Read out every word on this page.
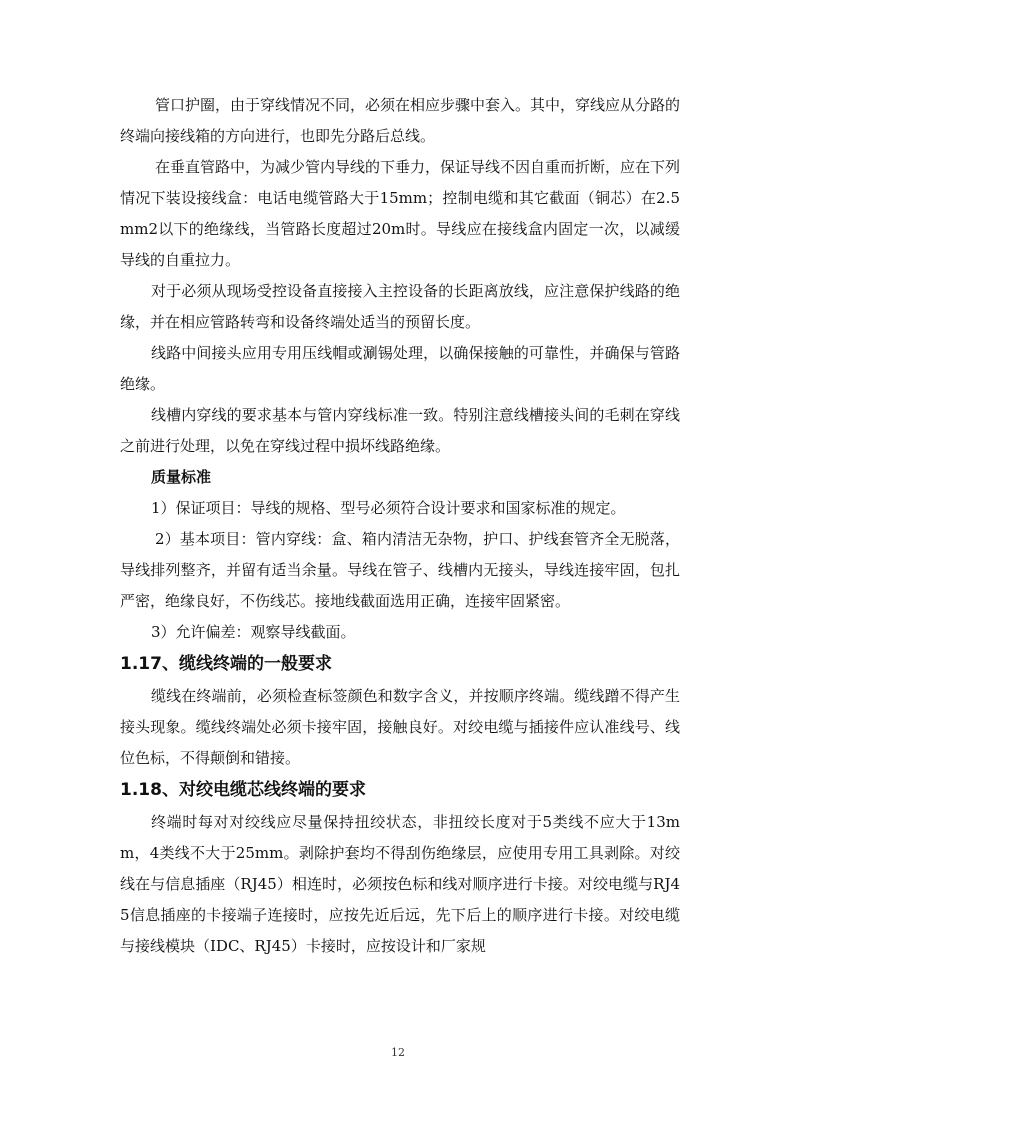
管口护圈，由于穿线情况不同，必须在相应步骤中套入。其中，穿线应从分路的终端向接线箱的方向进行，也即先分路后总线。

在垂直管路中，为减少管内导线的下垂力，保证导线不因自重而折断，应在下列情况下装设接线盒：电话电缆管路大于15mm；控制电缆和其它截面（铜芯）在2.5mm2以下的绝缘线，当管路长度超过20m时。导线应在接线盒内固定一次，以减缓导线的自重拉力。

对于必须从现场受控设备直接接入主控设备的长距离放线，应注意保护线路的绝缘，并在相应管路转弯和设备终端处适当的预留长度。

线路中间接头应用专用压线帽或涮锡处理，以确保接触的可靠性，并确保与管路绝缘。

线槽内穿线的要求基本与管内穿线标准一致。特别注意线槽接头间的毛刺在穿线之前进行处理，以免在穿线过程中损坏线路绝缘。

质量标准

1）保证项目：导线的规格、型号必须符合设计要求和国家标准的规定。

2）基本项目：管内穿线：盒、箱内清洁无杂物，护口、护线套管齐全无脱落，导线排列整齐，并留有适当余量。导线在管子、线槽内无接头，导线连接牢固，包扎严密，绝缘良好，不伤线芯。接地线截面选用正确，连接牢固紧密。

3）允许偏差：观察导线截面。

1.17、缆线终端的一般要求

缆线在终端前，必须检查标签颜色和数字含义，并按顺序终端。缆线蹭不得产生接头现象。缆线终端处必须卡接牢固，接触良好。对绞电缆与插接件应认准线号、线位色标，不得颠倒和错接。

1.18、对绞电缆芯线终端的要求

终端时每对对绞线应尽量保持扭绞状态，非扭绞长度对于5类线不应大于13mm，4类线不大于25mm。剥除护套均不得刮伤绝缘层，应使用专用工具剥除。对绞线在与信息插座（RJ45）相连时，必须按色标和线对顺序进行卡接。对绞电缆与RJ45信息插座的卡接端子连接时，应按先近后远，先下后上的顺序进行卡接。对绞电缆与接线模块（IDC、RJ45）卡接时，应按设计和厂家规

12
